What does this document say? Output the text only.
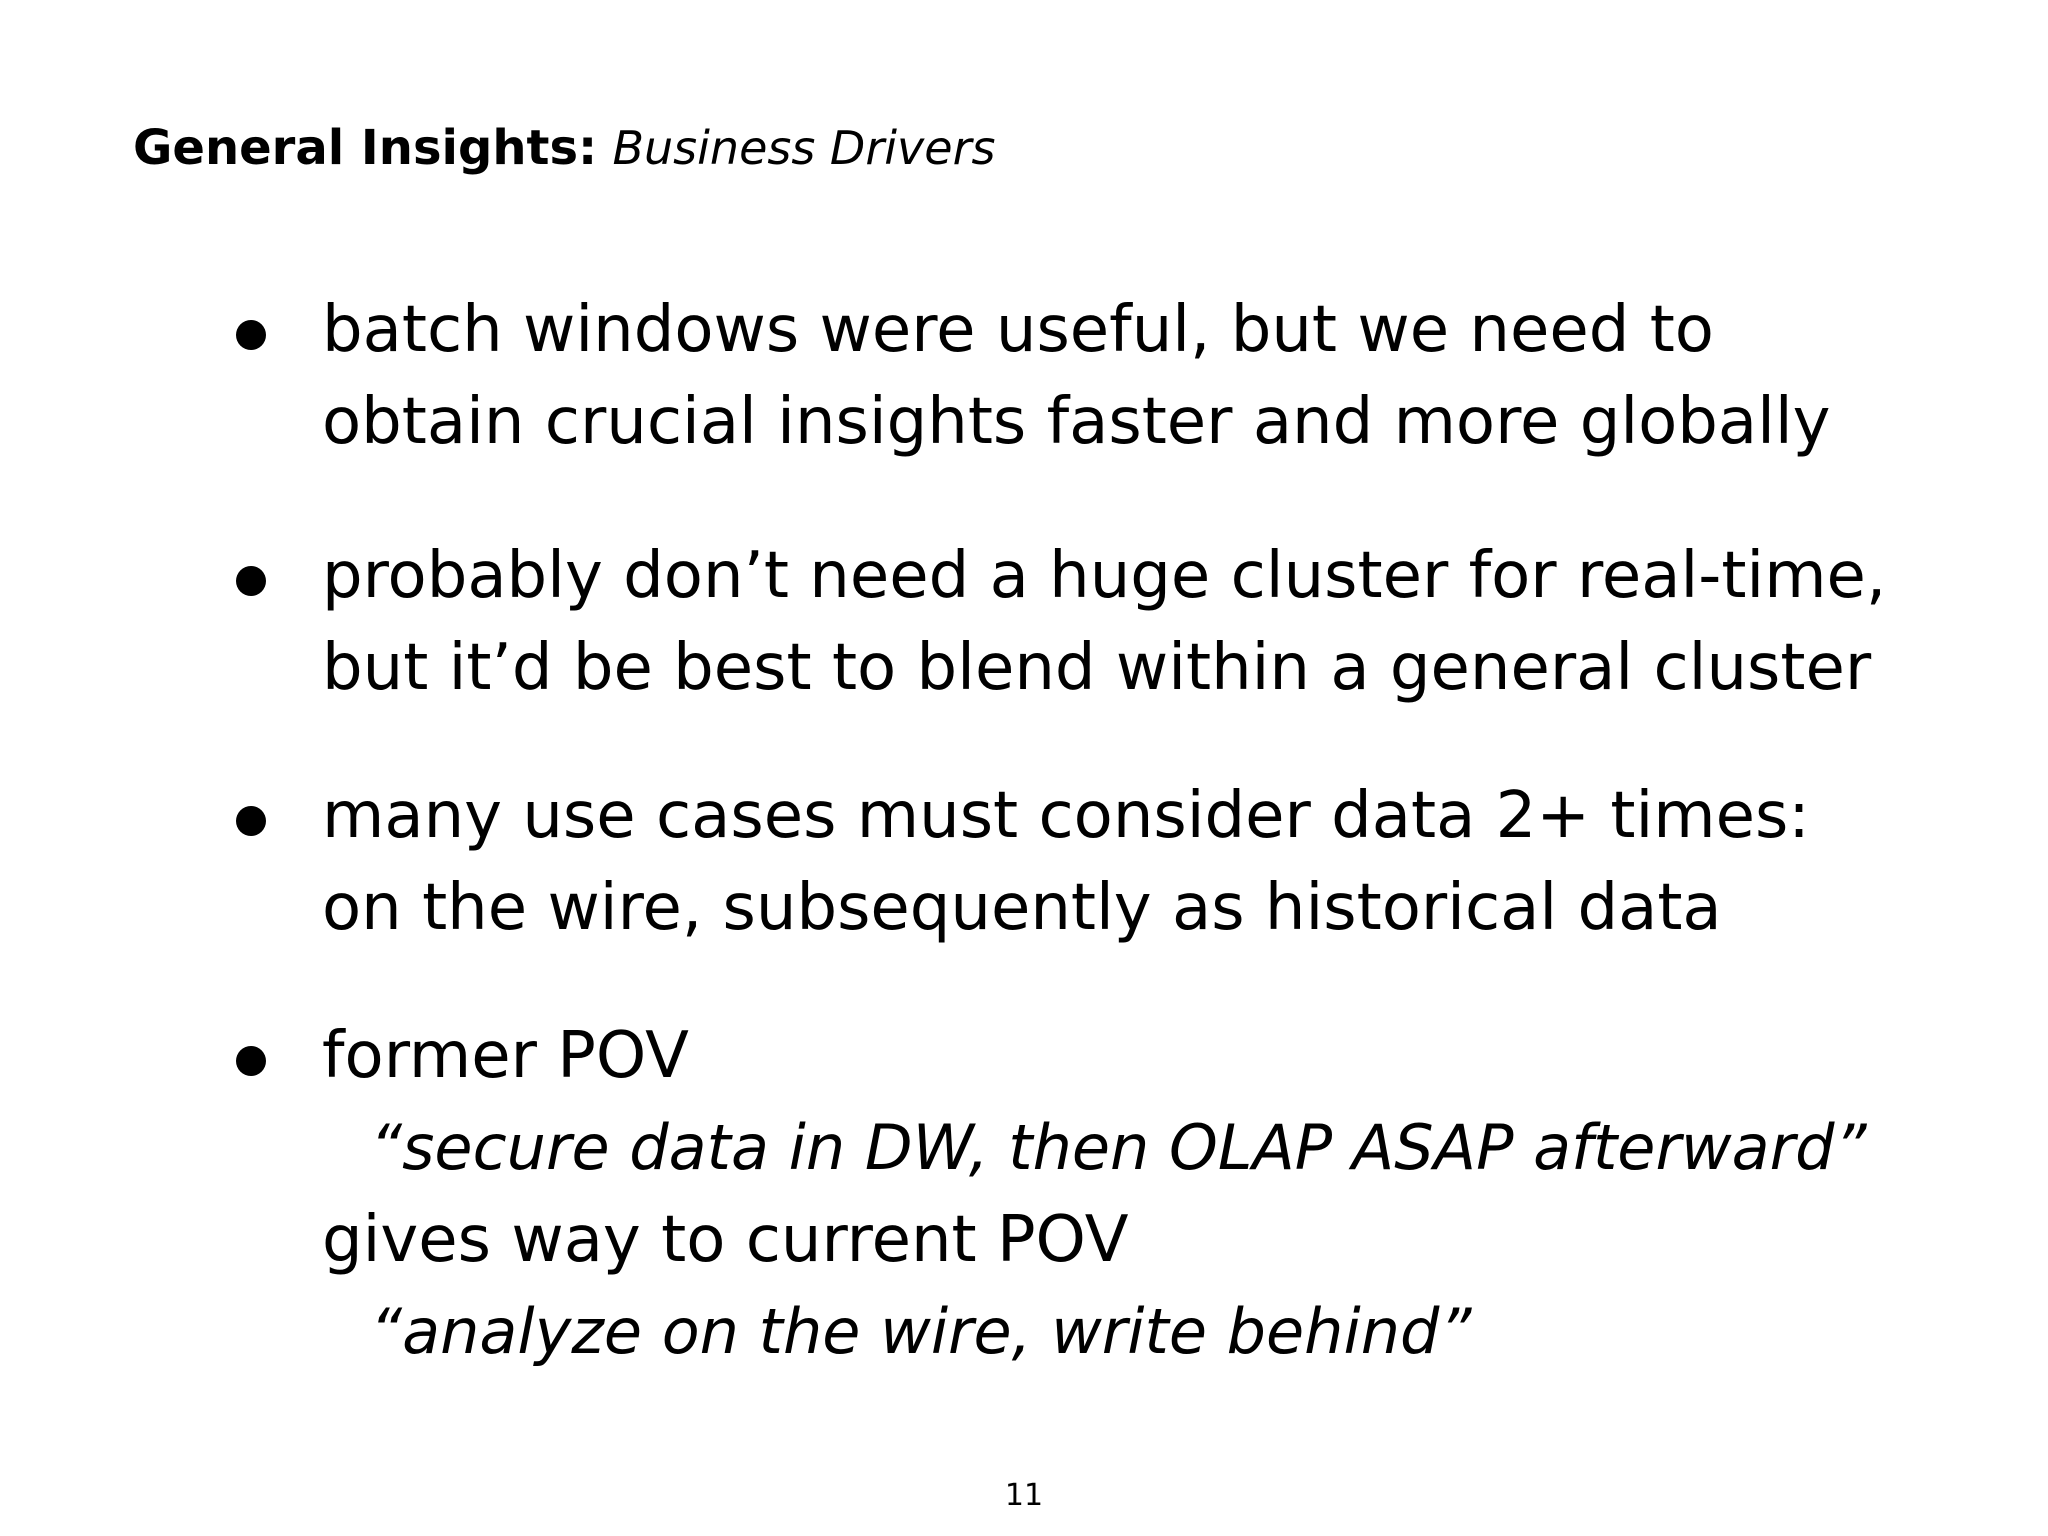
General Insights: Business Drivers
batch windows were useful, but we need to
obtain crucial insights faster and more globally
probably don’t need a huge cluster for real-time,
but it’d be best to blend within a general cluster
many use cases must consider data 2+ times:
on the wire, subsequently as historical data
former POV
“secure data in DW, then OLAP ASAP afterward”
gives way to current POV
“analyze on the wire, write behind”
11
